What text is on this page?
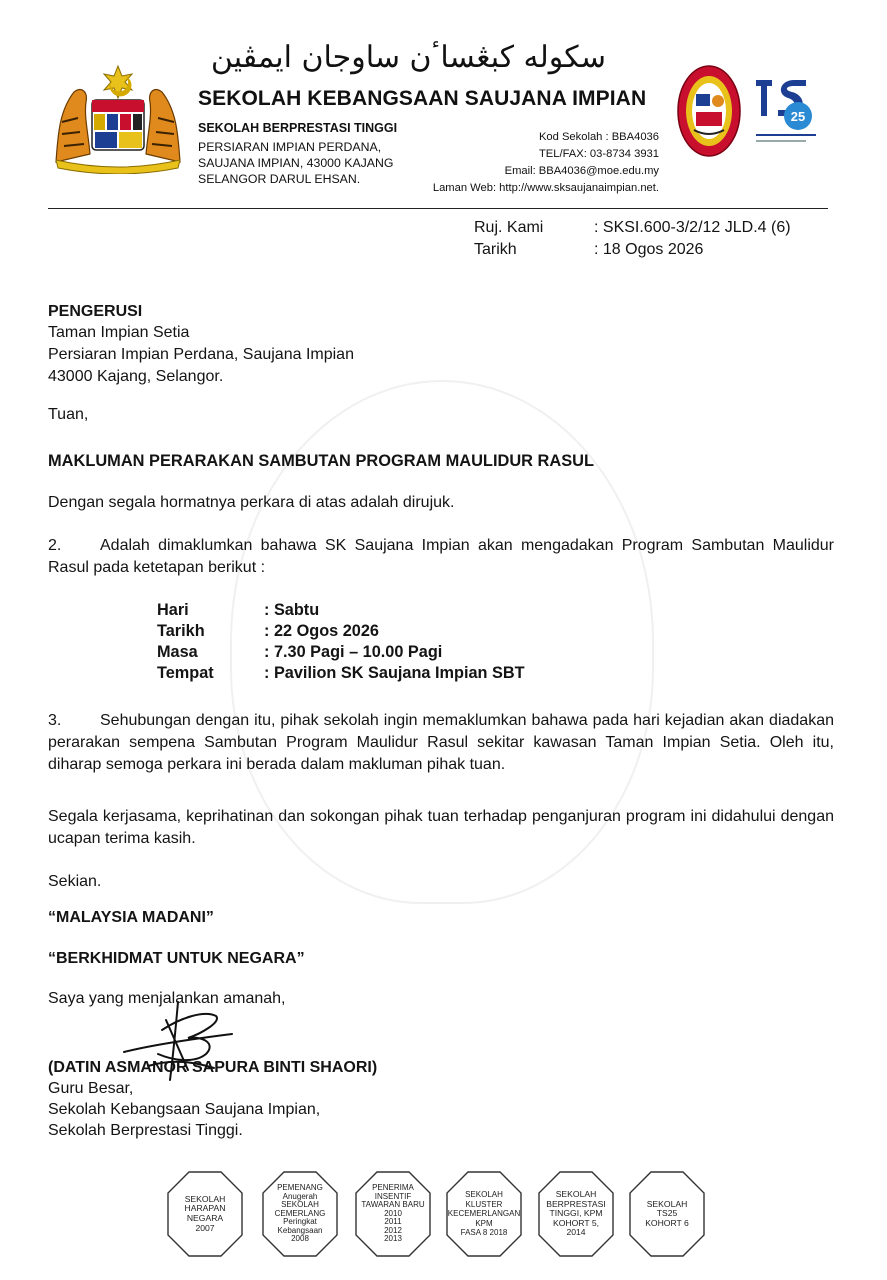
سکوله کبڠسا‌ٴن ساوجان ايمڤين
SEKOLAH KEBANGSAAN SAUJANA IMPIAN
SEKOLAH BERPRESTASI TINGGI
PERSIARAN IMPIAN PERDANA,
SAUJANA IMPIAN, 43000 KAJANG
SELANGOR DARUL EHSAN.
Kod Sekolah : BBA4036
TEL/FAX: 03-8734 3931
Email: BBA4036@moe.edu.my
Laman Web: http://www.sksaujanaimpian.net.
25
Ruj. Kami	: SKSI.600-3/2/12 JLD.4 (6)
Tarikh	: 18 Ogos 2026
PENGERUSI
Taman Impian Setia
Persiaran Impian Perdana, Saujana Impian
43000 Kajang, Selangor.
Tuan,
MAKLUMAN PERARAKAN SAMBUTAN PROGRAM MAULIDUR RASUL
Dengan segala hormatnya perkara di atas adalah dirujuk.
2. Adalah dimaklumkan bahawa SK Saujana Impian akan mengadakan Program Sambutan Maulidur Rasul pada ketetapan berikut :
Hari	: Sabtu
Tarikh	: 22 Ogos 2026
Masa	: 7.30 Pagi – 10.00 Pagi
Tempat	: Pavilion SK Saujana Impian SBT
3. Sehubungan dengan itu, pihak sekolah ingin memaklumkan bahawa pada hari kejadian akan diadakan perarakan sempena Sambutan Program Maulidur Rasul sekitar kawasan Taman Impian Setia. Oleh itu, diharap semoga perkara ini berada dalam makluman pihak tuan.
Segala kerjasama, keprihatinan dan sokongan pihak tuan terhadap penganjuran program ini didahului dengan ucapan terima kasih.
Sekian.
“MALAYSIA MADANI”
“BERKHIDMAT UNTUK NEGARA”
Saya yang menjalankan amanah,
(DATIN ASMANOR SAPURA BINTI SHAORI)
Guru Besar,
Sekolah Kebangsaan Saujana Impian,
Sekolah Berprestasi Tinggi.
SEKOLAH
HARAPAN
NEGARA
2007
PEMENANG
Anugerah
SEKOLAH
CEMERLANG
Peringkat
Kebangsaan
2008
PENERIMA
INSENTIF
TAWARAN BARU
2010
2011
2012
2013
SEKOLAH
KLUSTER
KECEMERLANGAN
KPM
FASA 8 2018
SEKOLAH
BERPRESTASI
TINGGI, KPM
KOHORT 5,
2014
SEKOLAH
TS25
KOHORT 6
